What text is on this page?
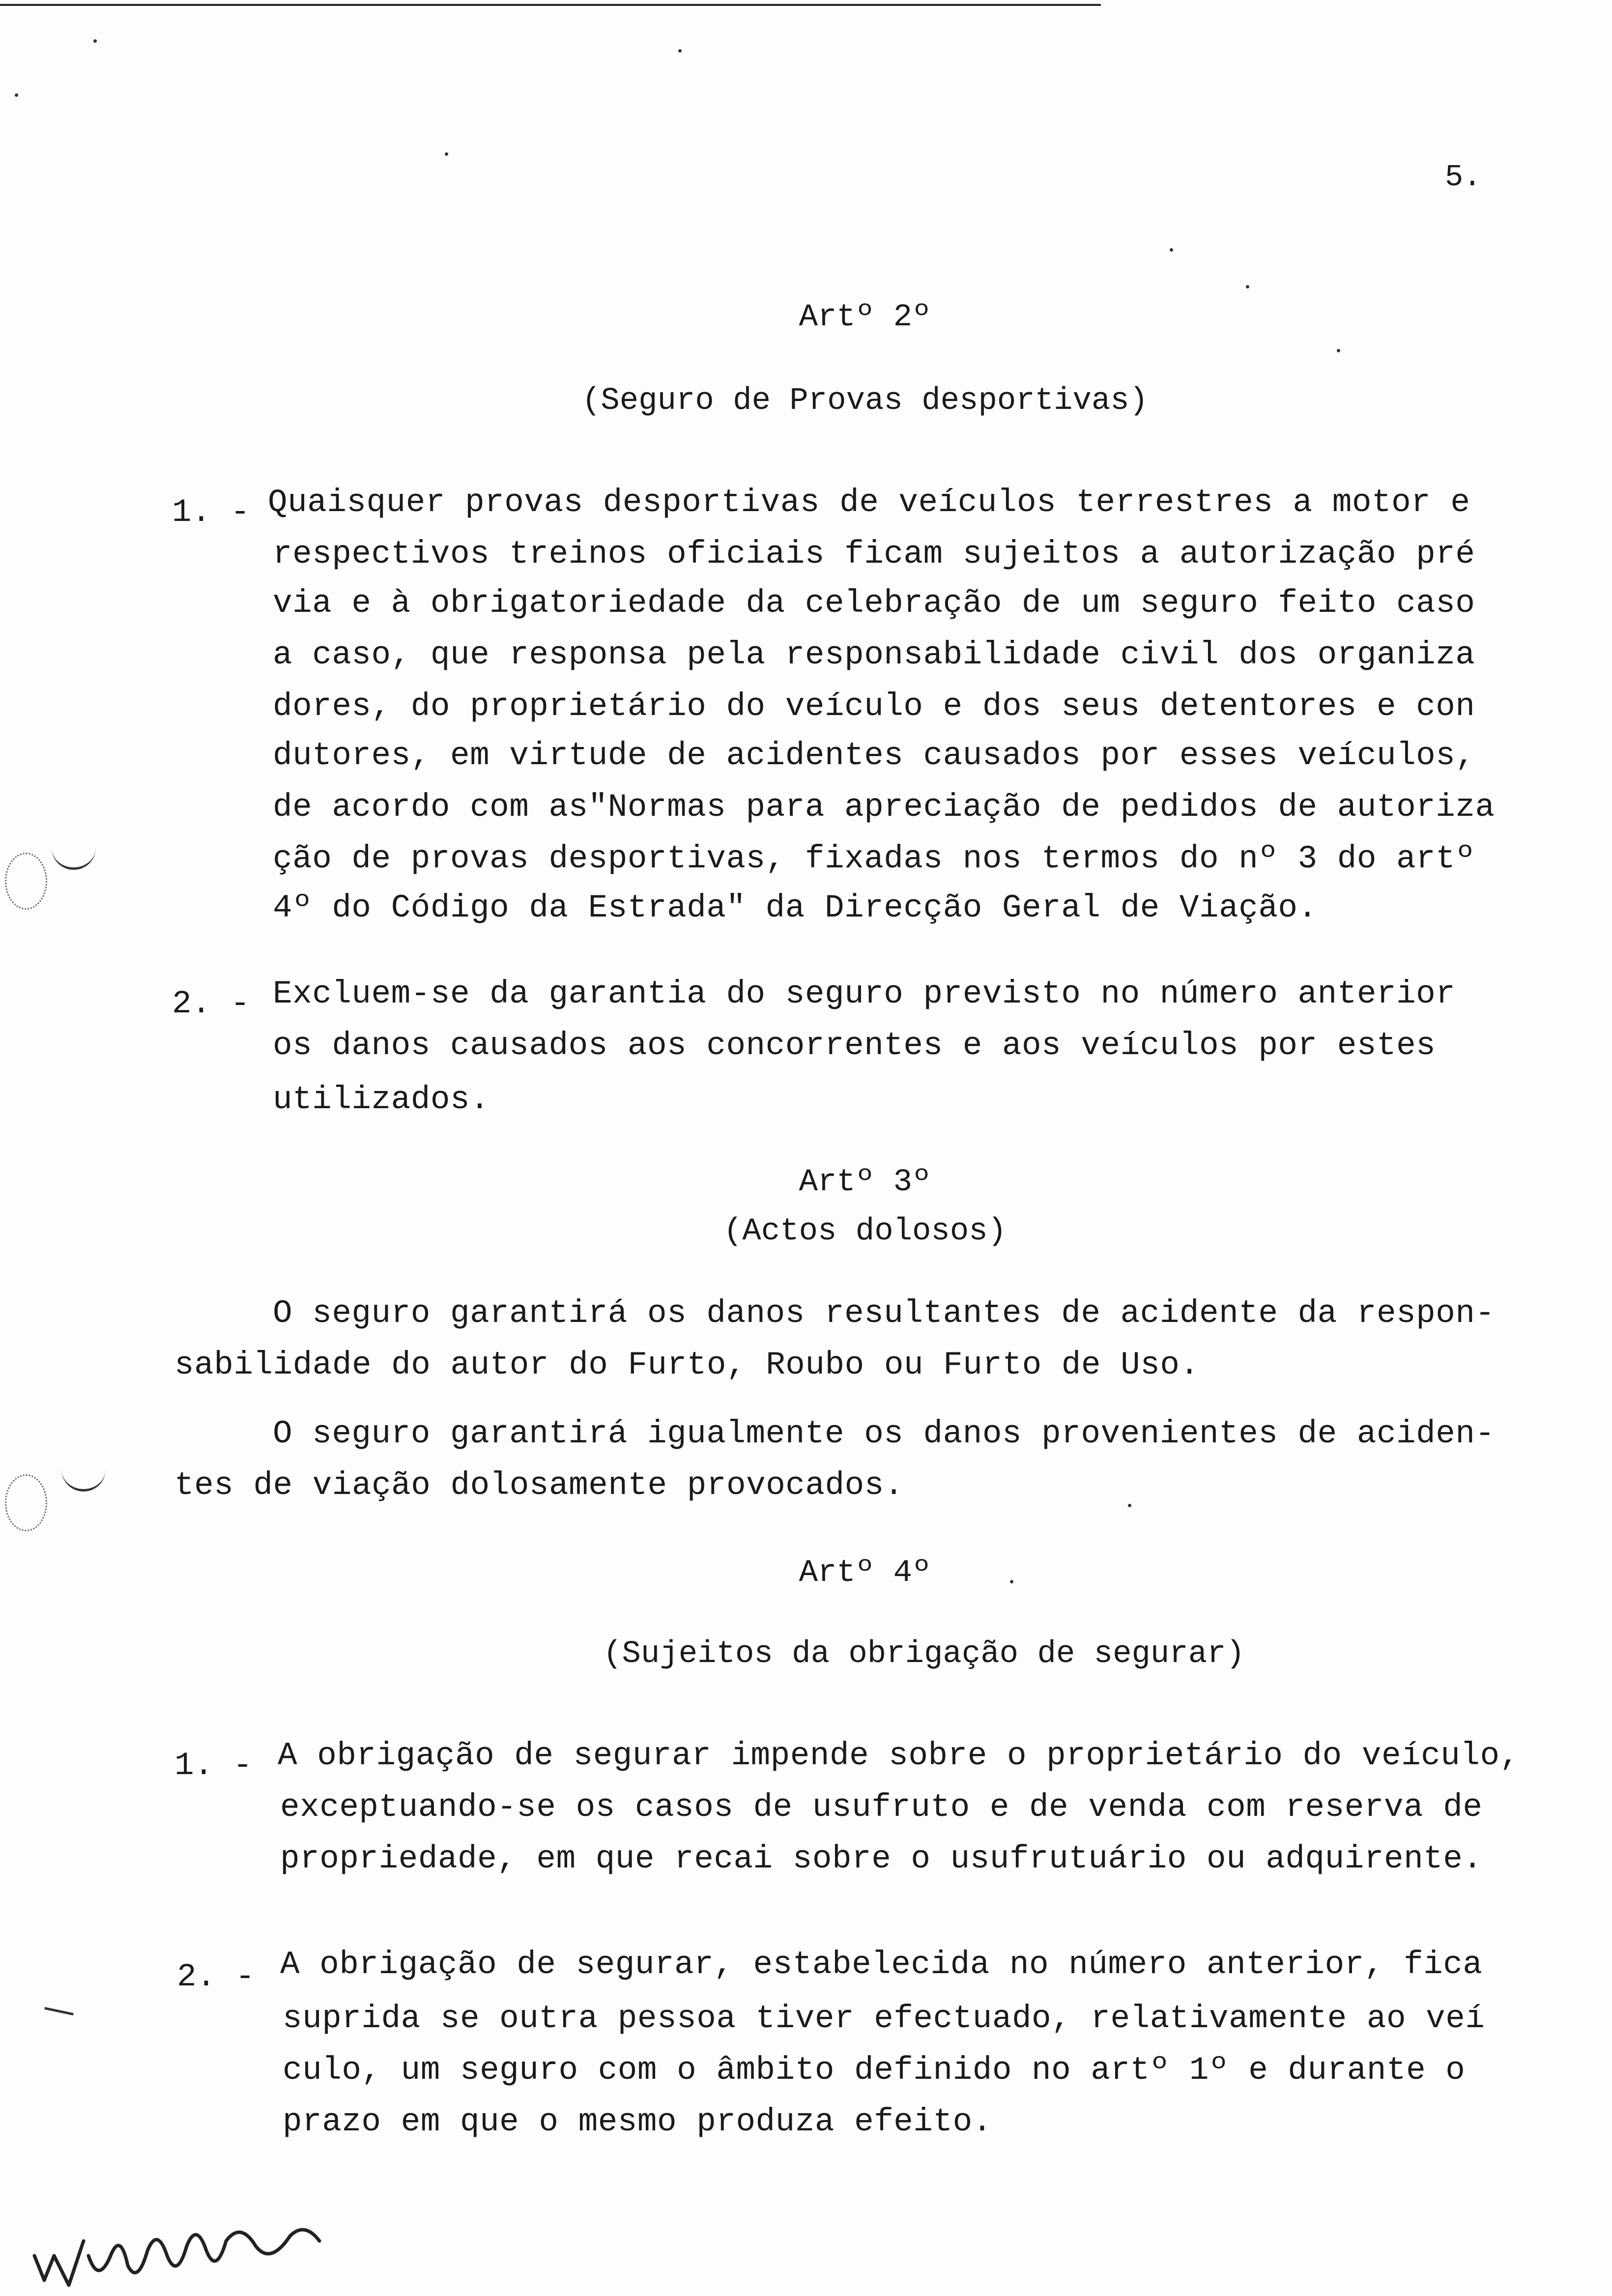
5.
Artº 2º
(Seguro de Provas desportivas)
1. - Quaisquer provas desportivas de veículos terrestres a motor e
respectivos treinos oficiais ficam sujeitos a autorização pré
via e à obrigatoriedade da celebração de um seguro feito caso
a caso, que responsa pela responsabilidade civil dos organiza
dores, do proprietário do veículo e dos seus detentores e con
dutores, em virtude de acidentes causados por esses veículos,
de acordo com as"Normas para apreciação de pedidos de autoriza
ção de provas desportivas, fixadas nos termos do nº 3 do artº
4º do Código da Estrada" da Direcção Geral de Viação.
2. - Excluem-se da garantia do seguro previsto no número anterior
os danos causados aos concorrentes e aos veículos por estes
utilizados.
Artº 3º
(Actos dolosos)
O seguro garantirá os danos resultantes de acidente da respon-
sabilidade do autor do Furto, Roubo ou Furto de Uso.
O seguro garantirá igualmente os danos provenientes de aciden-
tes de viação dolosamente provocados.
Artº 4º
(Sujeitos da obrigação de segurar)
1. - A obrigação de segurar impende sobre o proprietário do veículo,
exceptuando-se os casos de usufruto e de venda com reserva de
propriedade, em que recai sobre o usufrutuário ou adquirente.
2. - A obrigação de segurar, estabelecida no número anterior, fica
suprida se outra pessoa tiver efectuado, relativamente ao veí
culo, um seguro com o âmbito definido no artº 1º e durante o
prazo em que o mesmo produza efeito.
